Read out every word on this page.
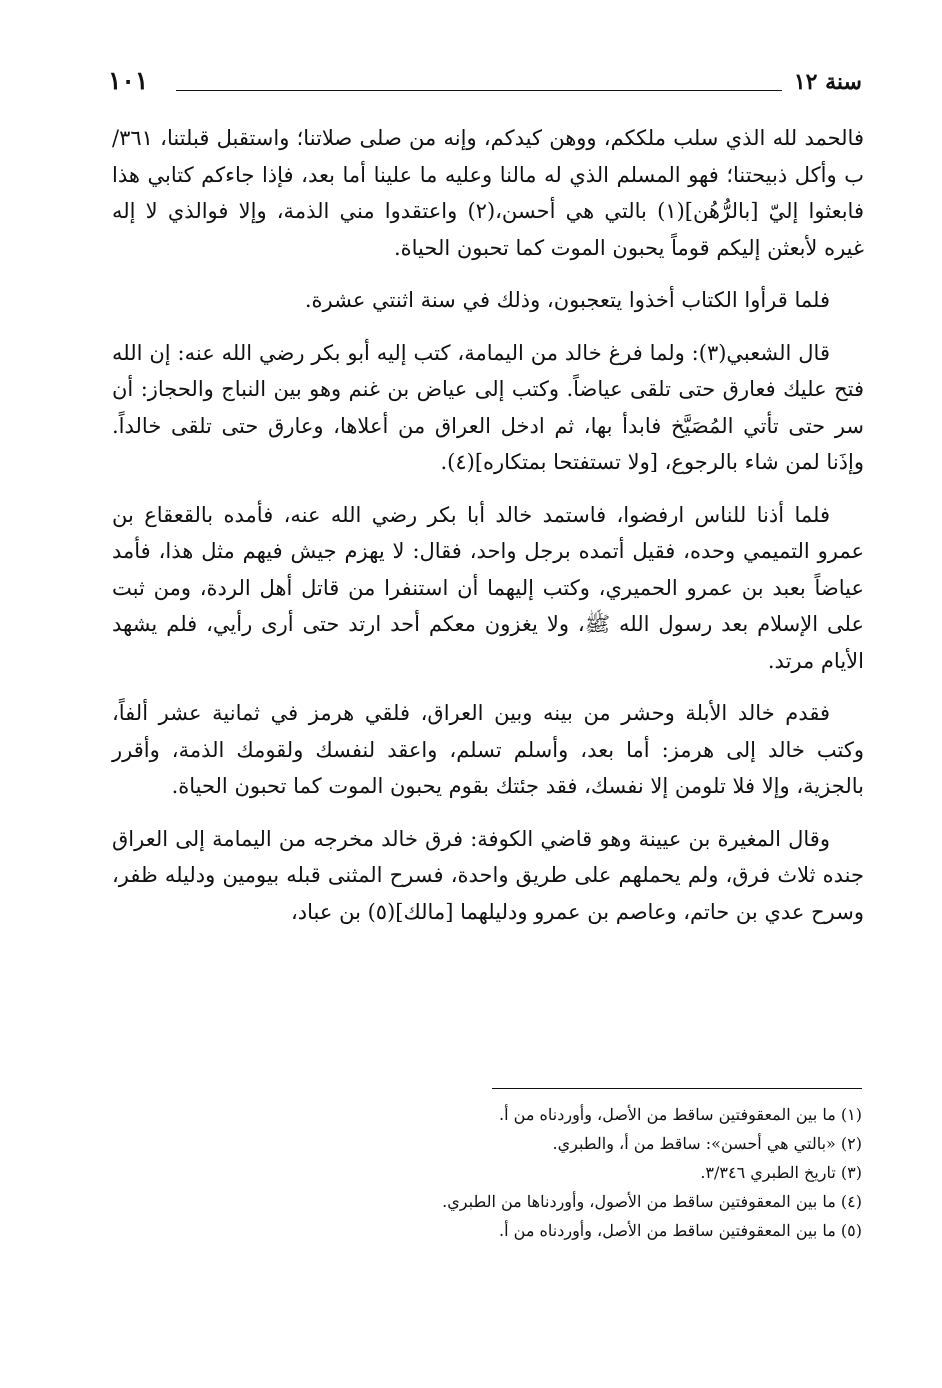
١٠١	سنة ١٢

فالحمد لله الذي سلب ملككم، ووهن كيدكم، وإنه من صلى صلاتنا؛ واستقبل قبلتنا، ٣٦١/ب وأكل ذبيحتنا؛ فهو المسلم الذي له مالنا وعليه ما علينا أما بعد، فإذا جاءكم كتابي هذا فابعثوا إليّ [بالرُّهُن](١) بالتي هي أحسن،(٢) واعتقدوا مني الذمة، وإلا فوالذي لا إله غيره لأبعثن إليكم قوماً يحبون الموت كما تحبون الحياة.

فلما قرأوا الكتاب أخذوا يتعجبون، وذلك في سنة اثنتي عشرة.

قال الشعبي(٣): ولما فرغ خالد من اليمامة، كتب إليه أبو بكر رضي الله عنه: إن الله فتح عليك فعارق حتى تلقى عياضاً. وكتب إلى عياض بن غنم وهو بين النباج والحجاز: أن سر حتى تأتي المُصَيَّخ فابدأ بها، ثم ادخل العراق من أعلاها، وعارق حتى تلقى خالداً. وإذَنا لمن شاء بالرجوع، [ولا تستفتحا بمتكاره](٤).

فلما أذنا للناس ارفضوا، فاستمد خالد أبا بكر رضي الله عنه، فأمده بالقعقاع بن عمرو التميمي وحده، فقيل أتمده برجل واحد، فقال: لا يهزم جيش فيهم مثل هذا، فأمد عياضاً بعبد بن عمرو الحميري، وكتب إليهما أن استنفرا من قاتل أهل الردة، ومن ثبت على الإسلام بعد رسول الله ﷺ، ولا يغزون معكم أحد ارتد حتى أرى رأيي، فلم يشهد الأيام مرتد.

فقدم خالد الأبلة وحشر من بينه وبين العراق، فلقي هرمز في ثمانية عشر ألفاً، وكتب خالد إلى هرمز: أما بعد، وأسلم تسلم، واعقد لنفسك ولقومك الذمة، وأقرر بالجزية، وإلا فلا تلومن إلا نفسك، فقد جئتك بقوم يحبون الموت كما تحبون الحياة.

وقال المغيرة بن عيينة وهو قاضي الكوفة: فرق خالد مخرجه من اليمامة إلى العراق جنده ثلاث فرق، ولم يحملهم على طريق واحدة، فسرح المثنى قبله بيومين ودليله ظفر، وسرح عدي بن حاتم، وعاصم بن عمرو ودليلهما [مالك](٥) بن عباد،

(١) ما بين المعقوفتين ساقط من الأصل، وأوردناه من أ.

(٢) «بالتي هي أحسن»: ساقط من أ، والطبري.

(٣) تاريخ الطبري ٣/٣٤٦.

(٤) ما بين المعقوفتين ساقط من الأصول، وأوردناها من الطبري.

(٥) ما بين المعقوفتين ساقط من الأصل، وأوردناه من أ.
